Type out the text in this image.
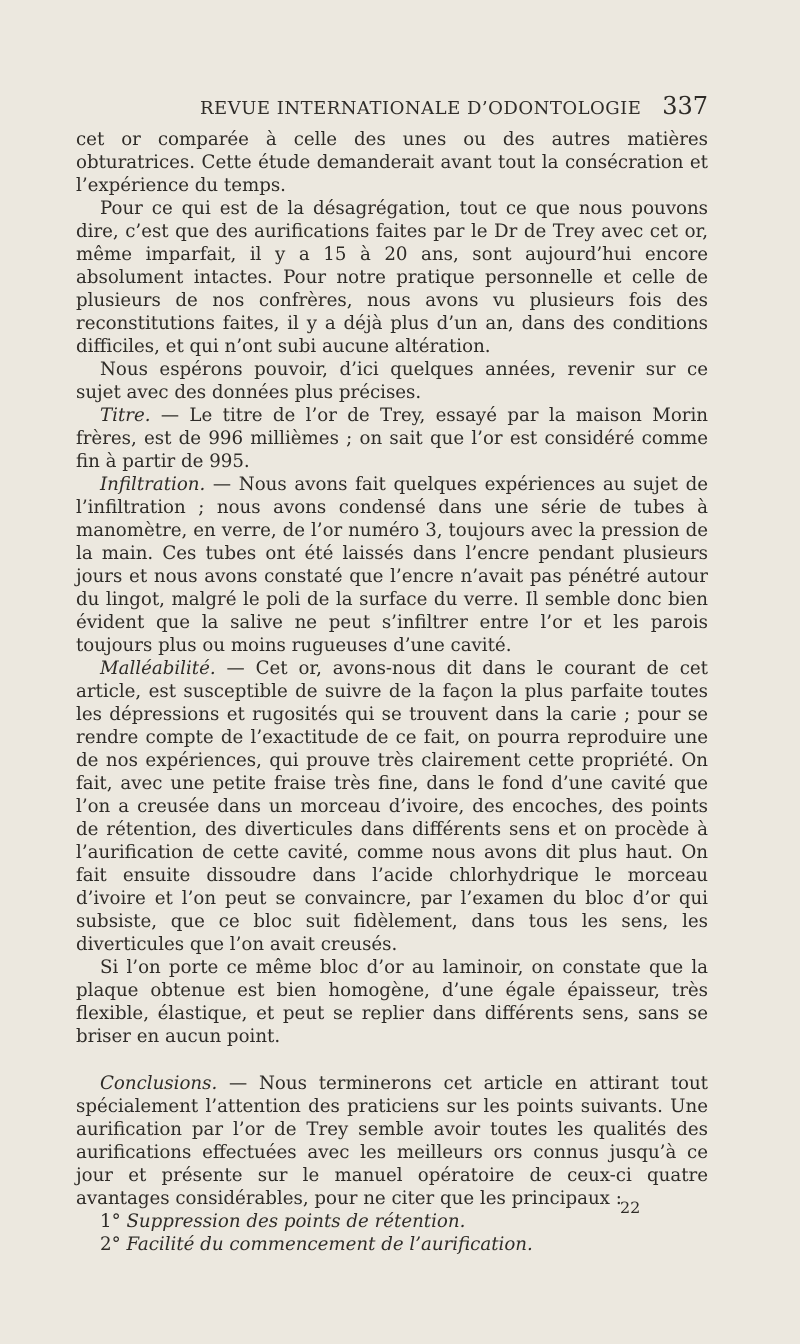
REVUE INTERNATIONALE D’ODONTOLOGIE 337

cet or comparée à celle des unes ou des autres matières obturatrices. Cette étude demanderait avant tout la consécration et l’expérience du temps.

Pour ce qui est de la désagrégation, tout ce que nous pouvons dire, c’est que des aurifications faites par le Dr de Trey avec cet or, même imparfait, il y a 15 à 20 ans, sont aujourd’hui encore absolument intactes. Pour notre pratique personnelle et celle de plusieurs de nos confrères, nous avons vu plusieurs fois des reconstitutions faites, il y a déjà plus d’un an, dans des conditions difficiles, et qui n’ont subi aucune altération.

Nous espérons pouvoir, d’ici quelques années, revenir sur ce sujet avec des données plus précises.

Titre. — Le titre de l’or de Trey, essayé par la maison Morin frères, est de 996 millièmes ; on sait que l’or est considéré comme fin à partir de 995.

Infiltration. — Nous avons fait quelques expériences au sujet de l’infiltration ; nous avons condensé dans une série de tubes à manomètre, en verre, de l’or numéro 3, toujours avec la pression de la main. Ces tubes ont été laissés dans l’encre pendant plusieurs jours et nous avons constaté que l’encre n’avait pas pénétré autour du lingot, malgré le poli de la surface du verre. Il semble donc bien évident que la salive ne peut s’infiltrer entre l’or et les parois toujours plus ou moins rugueuses d’une cavité.

Malléabilité. — Cet or, avons-nous dit dans le courant de cet article, est susceptible de suivre de la façon la plus parfaite toutes les dépressions et rugosités qui se trouvent dans la carie ; pour se rendre compte de l’exactitude de ce fait, on pourra reproduire une de nos expériences, qui prouve très clairement cette propriété. On fait, avec une petite fraise très fine, dans le fond d’une cavité que l’on a creusée dans un morceau d’ivoire, des encoches, des points de rétention, des diverticules dans différents sens et on procède à l’aurification de cette cavité, comme nous avons dit plus haut. On fait ensuite dissoudre dans l’acide chlorhydrique le morceau d’ivoire et l’on peut se convaincre, par l’examen du bloc d’or qui subsiste, que ce bloc suit fidèlement, dans tous les sens, les diverticules que l’on avait creusés.

Si l’on porte ce même bloc d’or au laminoir, on constate que la plaque obtenue est bien homogène, d’une égale épaisseur, très flexible, élastique, et peut se replier dans différents sens, sans se briser en aucun point.

Conclusions. — Nous terminerons cet article en attirant tout spécialement l’attention des praticiens sur les points suivants. Une aurification par l’or de Trey semble avoir toutes les qualités des aurifications effectuées avec les meilleurs ors connus jusqu’à ce jour et présente sur le manuel opératoire de ceux-ci quatre avantages considérables, pour ne citer que les principaux :

1° Suppression des points de rétention.

2° Facilité du commencement de l’aurification.

22
